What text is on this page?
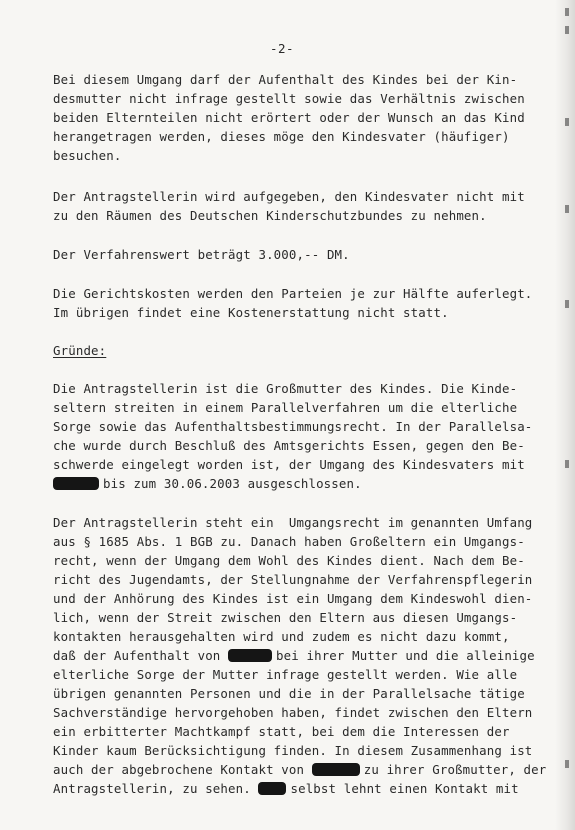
-2-
Bei diesem Umgang darf der Aufenthalt des Kindes bei der Kin-
desmutter nicht infrage gestellt sowie das Verhältnis zwischen
beiden Elternteilen nicht erörtert oder der Wunsch an das Kind
herangetragen werden, dieses möge den Kindesvater (häufiger)
besuchen.
Der Antragstellerin wird aufgegeben, den Kindesvater nicht mit
zu den Räumen des Deutschen Kinderschutzbundes zu nehmen.
Der Verfahrenswert beträgt 3.000,-- DM.
Die Gerichtskosten werden den Parteien je zur Hälfte auferlegt.
Im übrigen findet eine Kostenerstattung nicht statt.
Gründe:
Die Antragstellerin ist die Großmutter des Kindes. Die Kinde-
seltern streiten in einem Parallelverfahren um die elterliche
Sorge sowie das Aufenthaltsbestimmungsrecht. In der Parallelsa-
che wurde durch Beschluß des Amtsgerichts Essen, gegen den Be-
schwerde eingelegt worden ist, der Umgang des Kindesvaters mit
bis zum 30.06.2003 ausgeschlossen.
Der Antragstellerin steht ein  Umgangsrecht im genannten Umfang
aus § 1685 Abs. 1 BGB zu. Danach haben Großeltern ein Umgangs-
recht, wenn der Umgang dem Wohl des Kindes dient. Nach dem Be-
richt des Jugendamts, der Stellungnahme der Verfahrenspflegerin
und der Anhörung des Kindes ist ein Umgang dem Kindeswohl dien-
lich, wenn der Streit zwischen den Eltern aus diesen Umgangs-
kontakten herausgehalten wird und zudem es nicht dazu kommt,
daß der Aufenthalt von	bei ihrer Mutter und die alleinige
elterliche Sorge der Mutter infrage gestellt werden. Wie alle
übrigen genannten Personen und die in der Parallelsache tätige
Sachverständige hervorgehoben haben, findet zwischen den Eltern
ein erbitterter Machtkampf statt, bei dem die Interessen der
Kinder kaum Berücksichtigung finden. In diesem Zusammenhang ist
auch der abgebrochene Kontakt von	zu ihrer Großmutter, der
Antragstellerin, zu sehen.	selbst lehnt einen Kontakt mit
